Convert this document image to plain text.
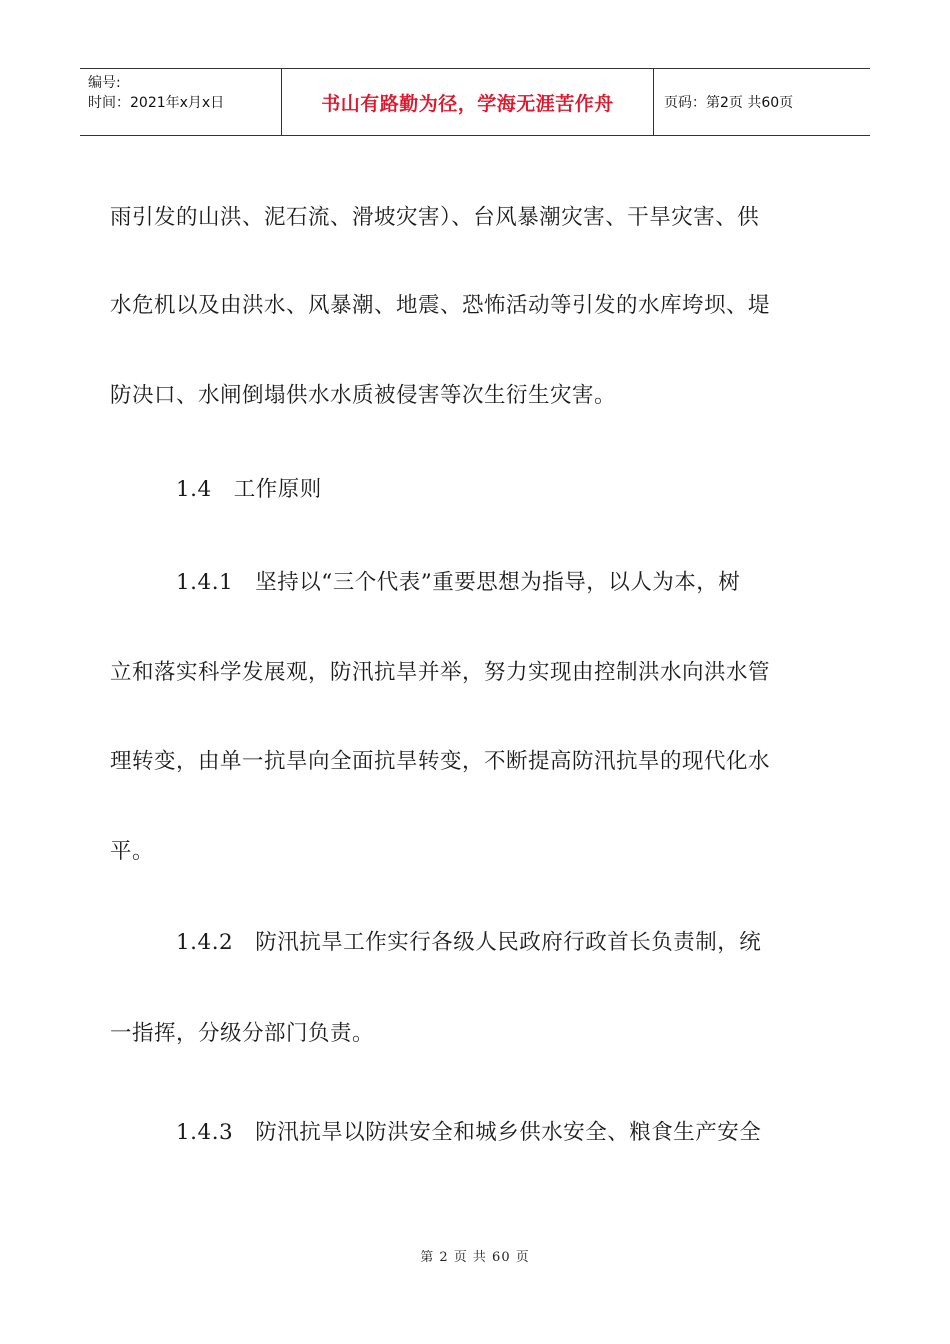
编号:
时间：2021年x月x日	书山有路勤为径，学海无涯苦作舟	页码：第2页 共60页
雨引发的山洪、泥石流、滑坡灾害）、台风暴潮灾害、干旱灾害、供
水危机以及由洪水、风暴潮、地震、恐怖活动等引发的水库垮坝、堤
防决口、水闸倒塌供水水质被侵害等次生衍生灾害。
　　　1.4　工作原则
　　　1.4.1　坚持以“三个代表”重要思想为指导，以人为本，树
立和落实科学发展观，防汛抗旱并举，努力实现由控制洪水向洪水管
理转变，由单一抗旱向全面抗旱转变，不断提高防汛抗旱的现代化水
平。
　　　1.4.2　防汛抗旱工作实行各级人民政府行政首长负责制，统
一指挥，分级分部门负责。
　　　1.4.3　防汛抗旱以防洪安全和城乡供水安全、粮食生产安全
第 2 页 共 60 页
